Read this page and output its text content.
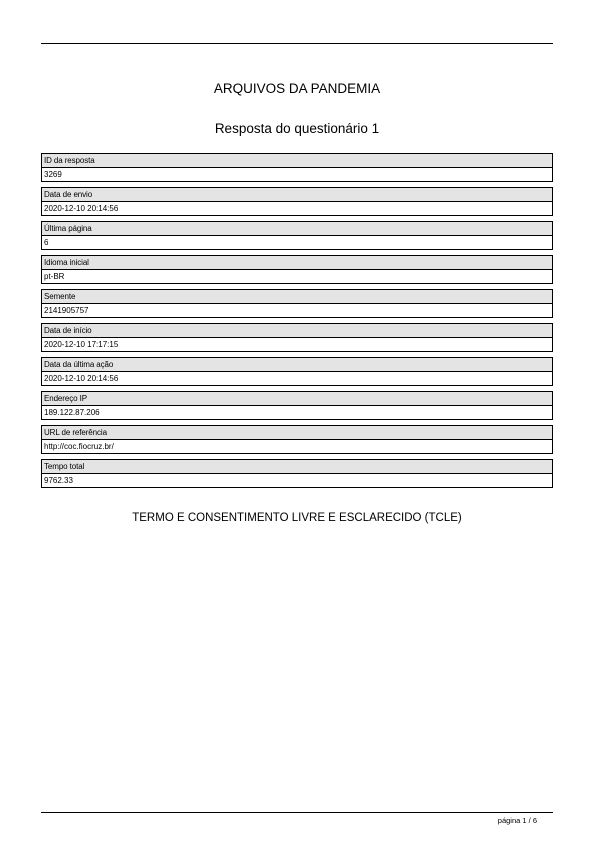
ARQUIVOS DA PANDEMIA
Resposta do questionário 1
ID da resposta
3269
Data de envio
2020-12-10 20:14:56
Última página
6
Idioma inicial
pt-BR
Semente
2141905757
Data de início
2020-12-10 17:17:15
Data da última ação
2020-12-10 20:14:56
Endereço IP
189.122.87.206
URL de referência
http://coc.fiocruz.br/
Tempo total
9762.33
TERMO E CONSENTIMENTO LIVRE E ESCLARECIDO (TCLE)
página 1 / 6
